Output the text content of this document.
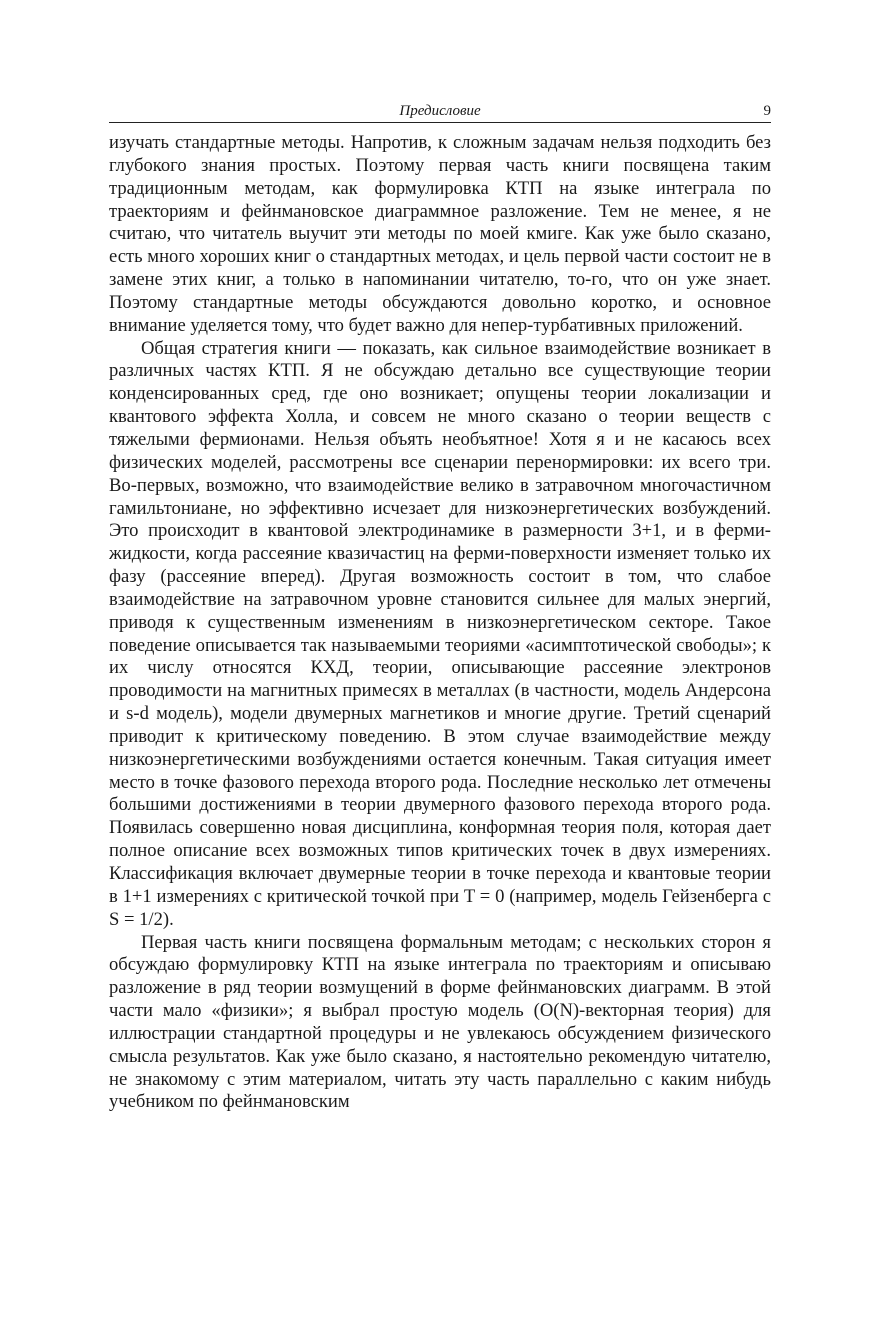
Предисловие	9

изучать стандартные методы. Напротив, к сложным задачам нельзя подходить без глубокого знания простых. Поэтому первая часть книги посвящена таким традиционным методам, как формулировка КТП на языке интеграла по траекториям и фейнмановское диаграммное разложение. Тем не менее, я не считаю, что читатель выучит эти методы по моей кмиге. Как уже было сказано, есть много хороших книг о стандартных методах, и цель первой части состоит не в замене этих книг, а только в напоминании читателю, то-го, что он уже знает. Поэтому стандартные методы обсуждаются довольно коротко, и основное внимание уделяется тому, что будет важно для непер-турбативных приложений.

Общая стратегия книги — показать, как сильное взаимодействие возникает в различных частях КТП. Я не обсуждаю детально все существующие теории конденсированных сред, где оно возникает; опущены теории локализации и квантового эффекта Холла, и совсем не много сказано о теории веществ с тяжелыми фермионами. Нельзя объять необъятное! Хотя я и не касаюсь всех физических моделей, рассмотрены все сценарии перенормировки: их всего три. Во-первых, возможно, что взаимодействие велико в затравочном многочастичном гамильтониане, но эффективно исчезает для низкоэнергетических возбуждений. Это происходит в квантовой электродинамике в размерности 3+1, и в ферми-жидкости, когда рассеяние квазичастиц на ферми-поверхности изменяет только их фазу (рассеяние вперед). Другая возможность состоит в том, что слабое взаимодействие на затравочном уровне становится сильнее для малых энергий, приводя к существенным изменениям в низкоэнергетическом секторе. Такое поведение описывается так называемыми теориями «асимптотической свободы»; к их числу относятся КХД, теории, описывающие рассеяние электронов проводимости на магнитных примесях в металлах (в частности, модель Андерсона и s-d модель), модели двумерных магнетиков и многие другие. Третий сценарий приводит к критическому поведению. В этом случае взаимодействие между низкоэнергетическими возбуждениями остается конечным. Такая ситуация имеет место в точке фазового перехода второго рода. Последние несколько лет отмечены большими достижениями в теории двумерного фазового перехода второго рода. Появилась совершенно новая дисциплина, конформная теория поля, которая дает полное описание всех возможных типов критических точек в двух измерениях. Классификация включает двумерные теории в точке перехода и квантовые теории в 1+1 измерениях с критической точкой при T = 0 (например, модель Гейзенберга с S = 1/2).

Первая часть книги посвящена формальным методам; с нескольких сторон я обсуждаю формулировку КТП на языке интеграла по траекториям и описываю разложение в ряд теории возмущений в форме фейнмановских диаграмм. В этой части мало «физики»; я выбрал простую модель (O(N)-векторная теория) для иллюстрации стандартной процедуры и не увлекаюсь обсуждением физического смысла результатов. Как уже было сказано, я настоятельно рекомендую читателю, не знакомому с этим материалом, читать эту часть параллельно с каким нибудь учебником по фейнмановским
